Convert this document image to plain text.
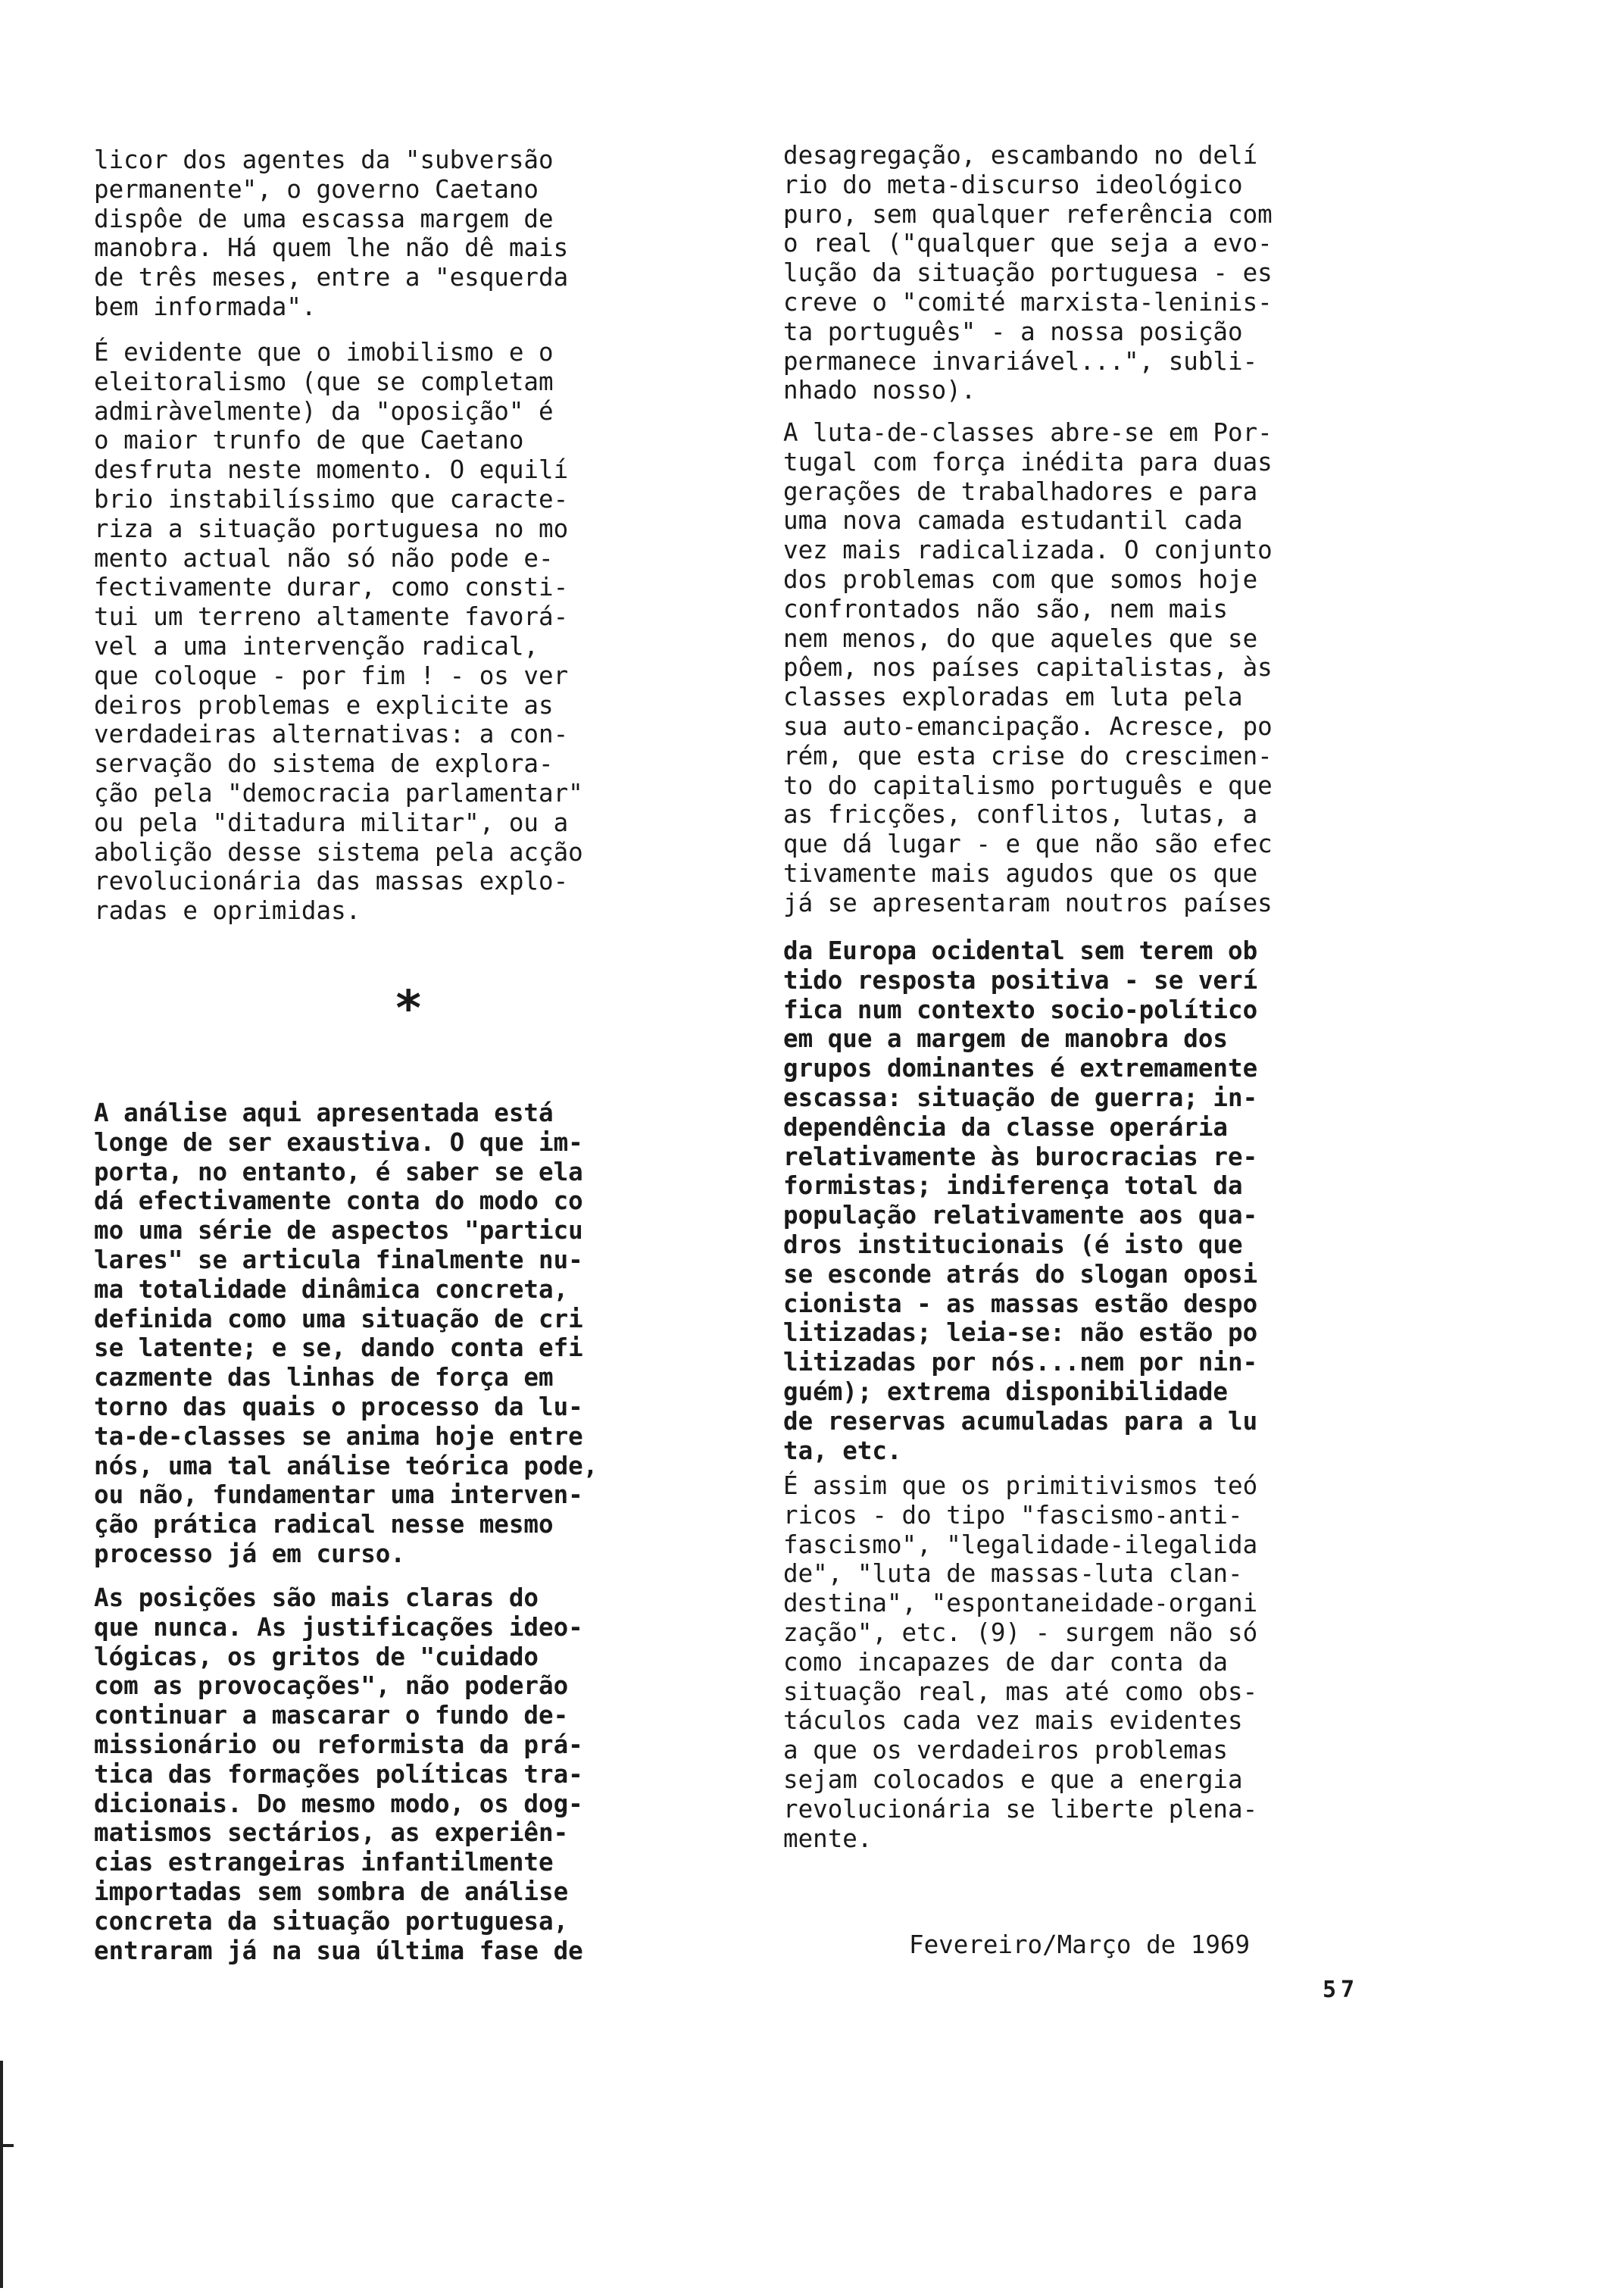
licor dos agentes da "subversão
permanente", o governo Caetano
dispôe de uma escassa margem de
manobra. Há quem lhe não dê mais
de três meses, entre a "esquerda
bem informada".
É evidente que o imobilismo e o
eleitoralismo (que se completam
admiràvelmente) da "oposição" é
o maior trunfo de que Caetano
desfruta neste momento. O equilí
brio instabilíssimo que caracte-
riza a situação portuguesa no mo
mento actual não só não pode e-
fectivamente durar, como consti-
tui um terreno altamente favorá-
vel a uma intervenção radical,
que coloque - por fim ! - os ver
deiros problemas e explicite as
verdadeiras alternativas: a con-
servação do sistema de explora-
ção pela "democracia parlamentar"
ou pela "ditadura militar", ou a
abolição desse sistema pela acção
revolucionária das massas explo-
radas e oprimidas.
A análise aqui apresentada está
longe de ser exaustiva. O que im-
porta, no entanto, é saber se ela
dá efectivamente conta do modo co
mo uma série de aspectos "particu
lares" se articula finalmente nu-
ma totalidade dinâmica concreta,
definida como uma situação de cri
se latente; e se, dando conta efi
cazmente das linhas de força em
torno das quais o processo da lu-
ta-de-classes se anima hoje entre
nós, uma tal análise teórica pode,
ou não, fundamentar uma interven-
ção prática radical nesse mesmo
processo já em curso.
As posições são mais claras do
que nunca. As justificações ideo-
lógicas, os gritos de "cuidado
com as provocações", não poderão
continuar a mascarar o fundo de-
missionário ou reformista da prá-
tica das formações políticas tra-
dicionais. Do mesmo modo, os dog-
matismos sectários, as experiên-
cias estrangeiras infantilmente
importadas sem sombra de análise
concreta da situação portuguesa,
entraram já na sua última fase de
*
desagregação, escambando no delí
rio do meta-discurso ideológico
puro, sem qualquer referência com
o real ("qualquer que seja a evo-
lução da situação portuguesa - es
creve o "comité marxista-leninis-
ta português" - a nossa posição
permanece invariável...", subli-
nhado nosso).
A luta-de-classes abre-se em Por-
tugal com força inédita para duas
gerações de trabalhadores e para
uma nova camada estudantil cada
vez mais radicalizada. O conjunto
dos problemas com que somos hoje
confrontados não são, nem mais
nem menos, do que aqueles que se
pôem, nos países capitalistas, às
classes exploradas em luta pela
sua auto-emancipação. Acresce, po
rém, que esta crise do crescimen-
to do capitalismo português e que
as fricções, conflitos, lutas, a
que dá lugar - e que não são efec
tivamente mais agudos que os que
já se apresentaram noutros países
da Europa ocidental sem terem ob
tido resposta positiva - se verí
fica num contexto socio-político
em que a margem de manobra dos
grupos dominantes é extremamente
escassa: situação de guerra; in-
dependência da classe operária
relativamente às burocracias re-
formistas; indiferença total da
população relativamente aos qua-
dros institucionais (é isto que
se esconde atrás do slogan oposi
cionista - as massas estão despo
litizadas; leia-se: não estão po
litizadas por nós...nem por nin-
guém); extrema disponibilidade
de reservas acumuladas para a lu
ta, etc.
É assim que os primitivismos teó
ricos - do tipo "fascismo-anti-
fascismo", "legalidade-ilegalida
de", "luta de massas-luta clan-
destina", "espontaneidade-organi
zação", etc. (9) - surgem não só
como incapazes de dar conta da
situação real, mas até como obs-
táculos cada vez mais evidentes
a que os verdadeiros problemas
sejam colocados e que a energia
revolucionária se liberte plena-
mente.
Fevereiro/Março de 1969
57
